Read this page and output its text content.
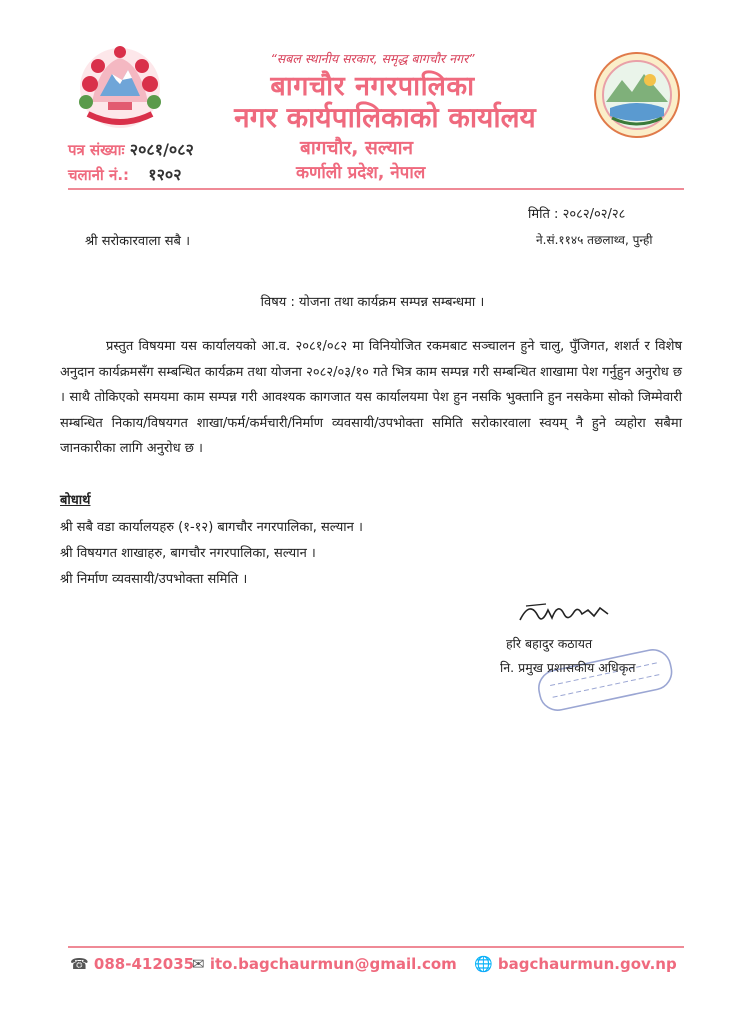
“सबल स्थानीय सरकार, समृद्ध बागचौर नगर”
बागचौर नगरपालिका
नगर कार्यपालिकाको कार्यालय
पत्र संख्याः २०८१/०८२
चलानी नं.: १२०२
बागचौर, सल्यान
कर्णाली प्रदेश, नेपाल
मिति : २०८२/०२/२८
श्री सरोकारवाला सबै ।	ने.सं.११४५ तछलाथ्व, पुन्ही
विषय : योजना तथा कार्यक्रम सम्पन्न सम्बन्धमा ।
प्रस्तुत विषयमा यस कार्यालयको आ.व. २०८१/०८२ मा विनियोजित रकमबाट सञ्चालन हुने चालु, पुँजिगत, शशर्त र विशेष अनुदान कार्यक्रमसँग सम्बन्धित कार्यक्रम तथा योजना २०८२/०३/१० गते भित्र काम सम्पन्न गरी सम्बन्धित शाखामा पेश गर्नुहुन अनुरोध छ । साथै तोकिएको समयमा काम सम्पन्न गरी आवश्यक कागजात यस कार्यालयमा पेश हुन नसकि भुक्तानि हुन नसकेमा सोको जिम्मेवारी सम्बन्धित निकाय/विषयगत शाखा/फर्म/कर्मचारी/निर्माण व्यवसायी/उपभोक्ता समिति सरोकारवाला स्वयम् नै हुने व्यहोरा सबैमा जानकारीका लागि अनुरोध छ ।
बोधार्थ
श्री सबै वडा कार्यालयहरु (१-१२) बागचौर नगरपालिका, सल्यान ।
श्री विषयगत शाखाहरु, बागचौर नगरपालिका, सल्यान ।
श्री निर्माण व्यवसायी/उपभोक्ता समिति ।
हरि बहादुर कठायत
नि. प्रमुख प्रशासकीय अधिकृत
☎ 088-412035
✉ ito.bagchaurmun@gmail.com 🌐 bagchaurmun.gov.np
